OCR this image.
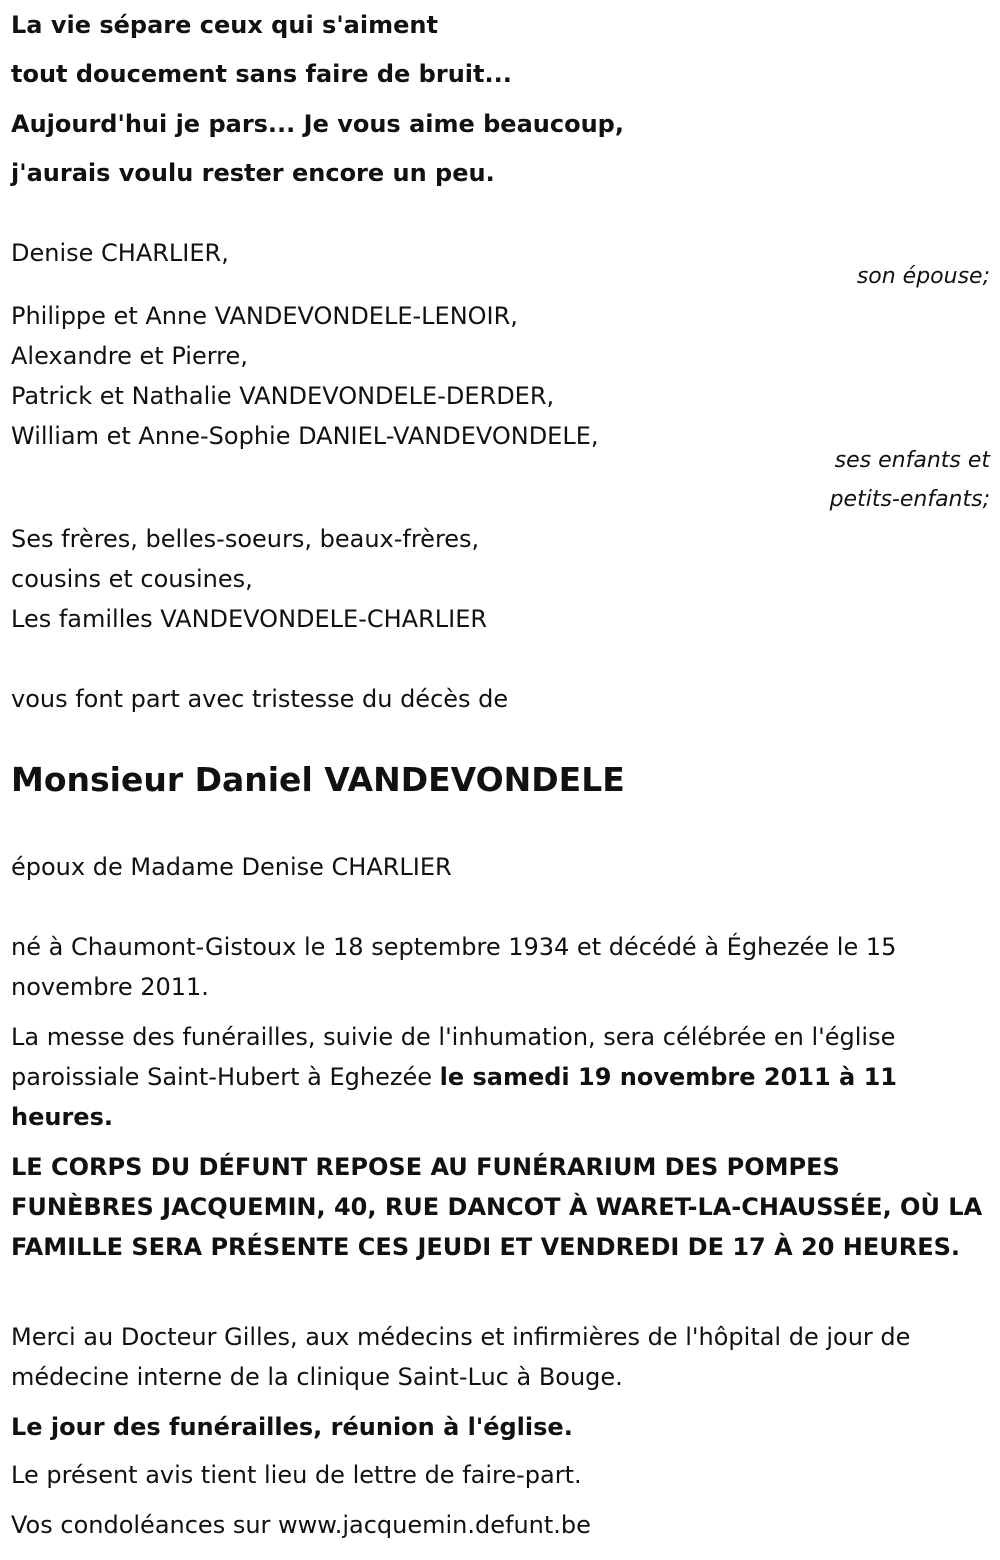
La vie sépare ceux qui s'aiment

tout doucement sans faire de bruit...

Aujourd'hui je pars... Je vous aime beaucoup,

j'aurais voulu rester encore un peu.

Denise CHARLIER,

son épouse;

Philippe et Anne VANDEVONDELE-LENOIR,

Alexandre et Pierre,

Patrick et Nathalie VANDEVONDELE-DERDER,

William et Anne-Sophie DANIEL-VANDEVONDELE,

ses enfants et

petits-enfants;

Ses frères, belles-soeurs, beaux-frères,

cousins et cousines,

Les familles VANDEVONDELE-CHARLIER

vous font part avec tristesse du décès de

Monsieur Daniel VANDEVONDELE

époux de Madame Denise CHARLIER

né à Chaumont-Gistoux le 18 septembre 1934 et décédé à Éghezée le 15 novembre 2011.

La messe des funérailles, suivie de l'inhumation, sera célébrée en l'église paroissiale Saint-Hubert à Eghezée le samedi 19 novembre 2011 à 11 heures.

LE CORPS DU DÉFUNT REPOSE AU FUNÉRARIUM DES POMPES FUNÈBRES JACQUEMIN, 40, RUE DANCOT À WARET-LA-CHAUSSÉE, OÙ LA FAMILLE SERA PRÉSENTE CES JEUDI ET VENDREDI DE 17 À 20 HEURES.

Merci au Docteur Gilles, aux médecins et infirmières de l'hôpital de jour de médecine interne de la clinique Saint-Luc à Bouge.

Le jour des funérailles, réunion à l'église.

Le présent avis tient lieu de lettre de faire-part.

Vos condoléances sur www.jacquemin.defunt.be
